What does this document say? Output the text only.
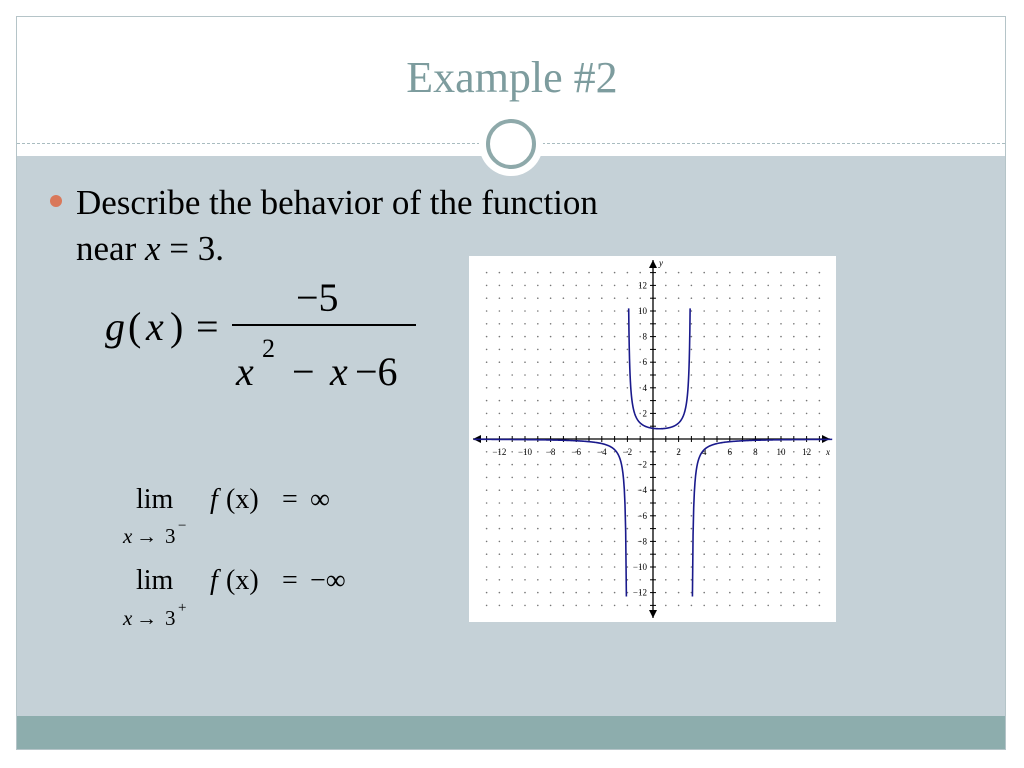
Example #2
Describe the behavior of the function
near x = 3.
g ( x ) =
−5
x
2
− x −6
lim
x → 3 −
f (x) = ∞
lim
x → 3 +
f (x) = −∞
−12 −10 −8 −6 −4 −2	2 4 6 8 10 12
−12
−10
−8
−6
−4
−2
2
4
6
8
10
12
x
y
